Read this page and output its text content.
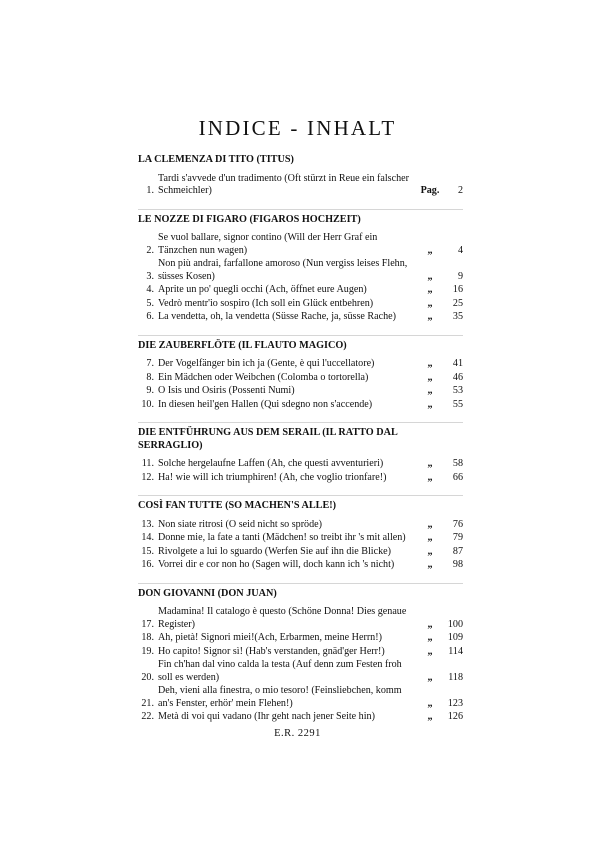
INDICE - INHALT
LA CLEMENZA DI TITO (TITUS)
1.
Tardi s'avvede d'un tradimento (Oft stürzt in Reue ein falscher Schmeichler)	Pag.	2
LE NOZZE DI FIGARO (FIGAROS HOCHZEIT)
2.
Se vuol ballare, signor contino (Will der Herr Graf ein Tänzchen nun wagen)	„	4
3.
Non più andrai, farfallone amoroso (Nun vergiss leises Flehn, süsses Kosen)	„	9
4. Aprite un po' quegli occhi (Ach, öffnet eure Augen)	„	16
5. Vedrò mentr'io sospiro (Ich soll ein Glück entbehren)	„	25
6. La vendetta, oh, la vendetta (Süsse Rache, ja, süsse Rache)	„	35
DIE ZAUBERFLÖTE (IL FLAUTO MAGICO)
7. Der Vogelfänger bin ich ja (Gente, è qui l'uccellatore)	„	41
8. Ein Mädchen oder Weibchen (Colomba o tortorella)	„	46
9. O Isis und Osiris (Possenti Numi)	„	53
10. In diesen heil'gen Hallen (Qui sdegno non s'accende)	„	55
DIE ENTFÜHRUNG AUS DEM SERAIL (IL RATTO DAL SERRAGLIO)
11. Solche hergelaufne Laffen (Ah, che questi avventurieri)	„	58
12. Ha! wie will ich triumphiren! (Ah, che voglio trionfare!)	„	66
COSÌ FAN TUTTE (SO MACHEN'S ALLE!)
13. Non siate ritrosi (O seid nicht so spröde)	„	76
14. Donne mie, la fate a tanti (Mädchen! so treibt ihr 's mit allen)	„	79
15. Rivolgete a lui lo sguardo (Werfen Sie auf ihn die Blicke)	„	87
16. Vorrei dir e cor non ho (Sagen will, doch kann ich 's nicht)	„	98
DON GIOVANNI (DON JUAN)
17.
Madamina! Il catalogo è questo (Schöne Donna! Dies genaue Register)	„	100
18. Ah, pietà! Signori miei!(Ach, Erbarmen, meine Herrn!)	„	109
19. Ho capito! Signor sì! (Hab's verstanden, gnäd'ger Herr!)	„	114
20.
Fin ch'han dal vino calda la testa (Auf denn zum Festen froh soll es werden)	„	118
21.
Deh, vieni alla finestra, o mio tesoro! (Feinsliebchen, komm an's Fenster, erhör' mein Flehen!)	„	123
22. Metà di voi qui vadano (Ihr geht nach jener Seite hin)	„	126
E.R. 2291
